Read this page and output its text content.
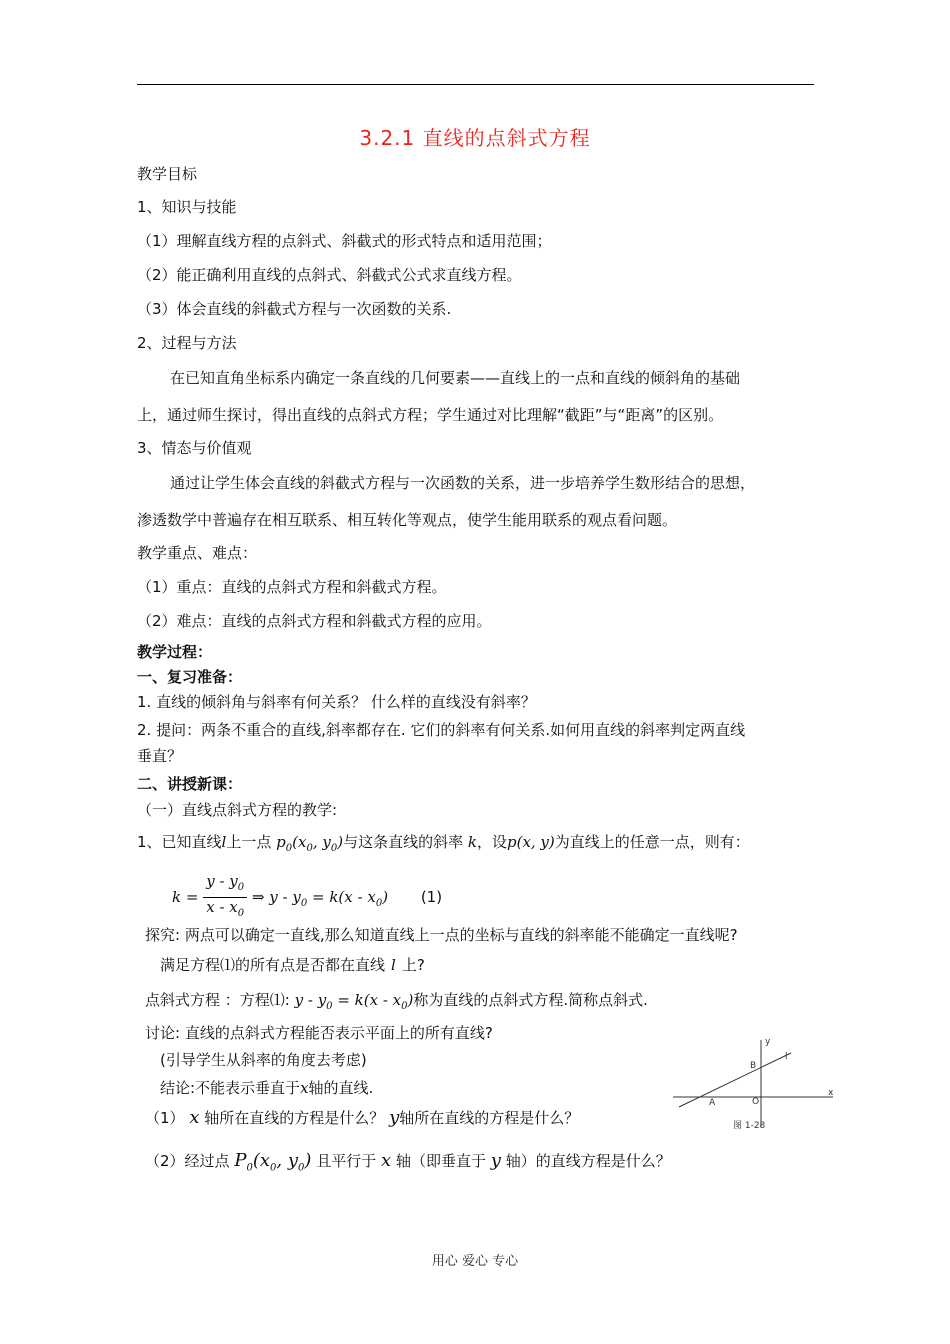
3.2.1 直线的点斜式方程
教学目标
1、知识与技能
（1）理解直线方程的点斜式、斜截式的形式特点和适用范围；
（2）能正确利用直线的点斜式、斜截式公式求直线方程。
（3）体会直线的斜截式方程与一次函数的关系.
2、过程与方法
在已知直角坐标系内确定一条直线的几何要素——直线上的一点和直线的倾斜角的基础
上，通过师生探讨，得出直线的点斜式方程；学生通过对比理解“截距”与“距离”的区别。
3、情态与价值观
通过让学生体会直线的斜截式方程与一次函数的关系，进一步培养学生数形结合的思想，
渗透数学中普遍存在相互联系、相互转化等观点，使学生能用联系的观点看问题。
教学重点、难点：
（1）重点：直线的点斜式方程和斜截式方程。
（2）难点：直线的点斜式方程和斜截式方程的应用。
教学过程：
一、复习准备：
1. 直线的倾斜角与斜率有何关系？ 什么样的直线没有斜率？
2. 提问：两条不重合的直线,斜率都存在. 它们的斜率有何关系.如何用直线的斜率判定两直线
垂直？
二、讲授新课：
（一）直线点斜式方程的教学:
1、已知直线l上一点 $p_0(x_0$, $y_0$)与这条直线的斜率 k，设p(x, y)为直线上的任意一点，则有：
$k = \frac{y - y_0}{x - x_0}$ ⇒ $y - y_0 = k(x - x_0)$ (1)
探究: 两点可以确定一直线,那么知道直线上一点的坐标与直线的斜率能不能确定一直线呢?
满足方程⑴的所有点是否都在直线 l 上?
点斜式方程 ：方程⑴: $y - y_0 = k(x - x_0)$称为直线的点斜式方程.简称点斜式.
讨论: 直线的点斜式方程能否表示平面上的所有直线?
(引导学生从斜率的角度去考虑)
结论:不能表示垂直于x轴的直线.
（1） x 轴所在直线的方程是什么？ y轴所在直线的方程是什么？
（2）经过点 $P_0(x_0$, $y_0$) 且平行于 x 轴（即垂直于 y 轴）的直线方程是什么？
y
x
l
B
A	O
图 1-28
用心 爱心 专心
